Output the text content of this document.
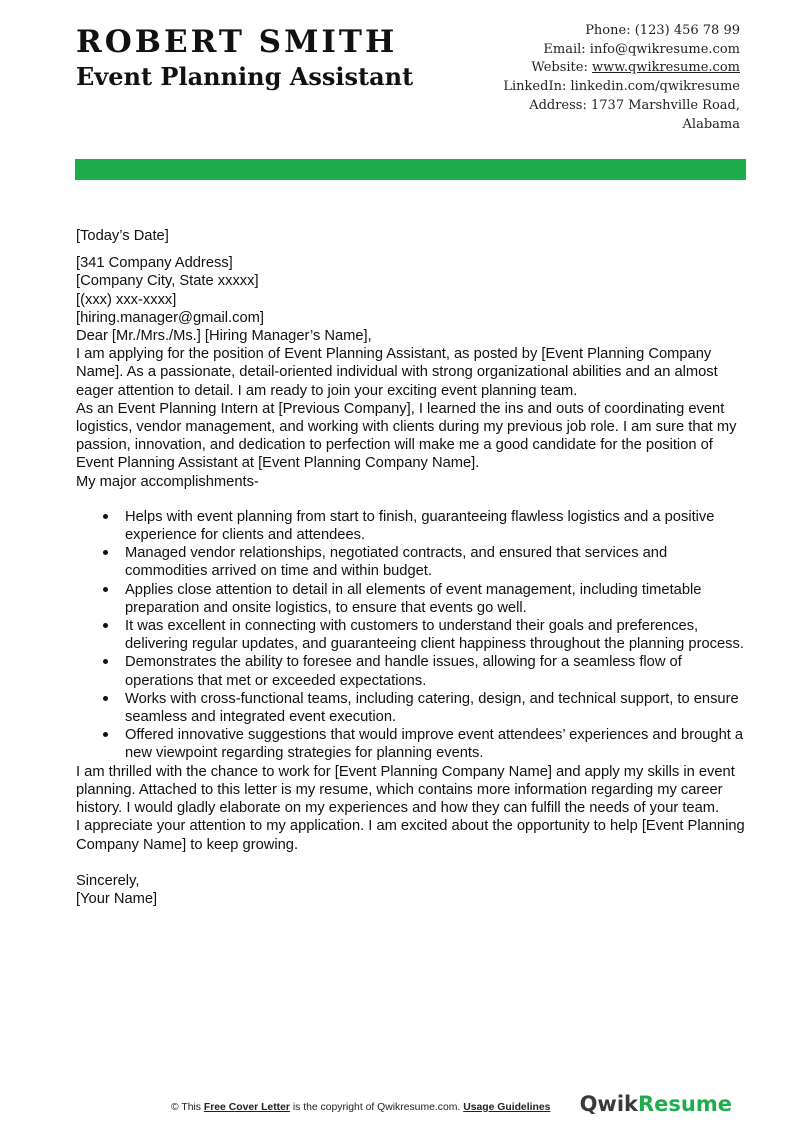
ROBERT SMITH
Event Planning Assistant
Phone: (123) 456 78 99
Email: info@qwikresume.com
Website: www.qwikresume.com
LinkedIn: linkedin.com/qwikresume
Address: 1737 Marshville Road,
Alabama

[Today’s Date]

[341 Company Address]
[Company City, State xxxxx]
[(xxx) xxx-xxxx]
[hiring.manager@gmail.com]

Dear [Mr./Mrs./Ms.] [Hiring Manager’s Name],

I am applying for the position of Event Planning Assistant, as posted by [Event Planning Company Name]. As a passionate, detail-oriented individual with strong organizational abilities and an almost eager attention to detail. I am ready to join your exciting event planning team.

As an Event Planning Intern at [Previous Company], I learned the ins and outs of coordinating event logistics, vendor management, and working with clients during my previous job role. I am sure that my passion, innovation, and dedication to perfection will make me a good candidate for the position of Event Planning Assistant at [Event Planning Company Name].

My major accomplishments-

Helps with event planning from start to finish, guaranteeing flawless logistics and a positive experience for clients and attendees.
Managed vendor relationships, negotiated contracts, and ensured that services and commodities arrived on time and within budget.
Applies close attention to detail in all elements of event management, including timetable preparation and onsite logistics, to ensure that events go well.
It was excellent in connecting with customers to understand their goals and preferences, delivering regular updates, and guaranteeing client happiness throughout the planning process.
Demonstrates the ability to foresee and handle issues, allowing for a seamless flow of operations that met or exceeded expectations.
Works with cross-functional teams, including catering, design, and technical support, to ensure seamless and integrated event execution.
Offered innovative suggestions that would improve event attendees’ experiences and brought a new viewpoint regarding strategies for planning events.

I am thrilled with the chance to work for [Event Planning Company Name] and apply my skills in event planning. Attached to this letter is my resume, which contains more information regarding my career history. I would gladly elaborate on my experiences and how they can fulfill the needs of your team.

I appreciate your attention to my application. I am excited about the opportunity to help [Event Planning Company Name] to keep growing.

Sincerely,
[Your Name]
© This Free Cover Letter is the copyright of Qwikresume.com. Usage Guidelines QwikResume
